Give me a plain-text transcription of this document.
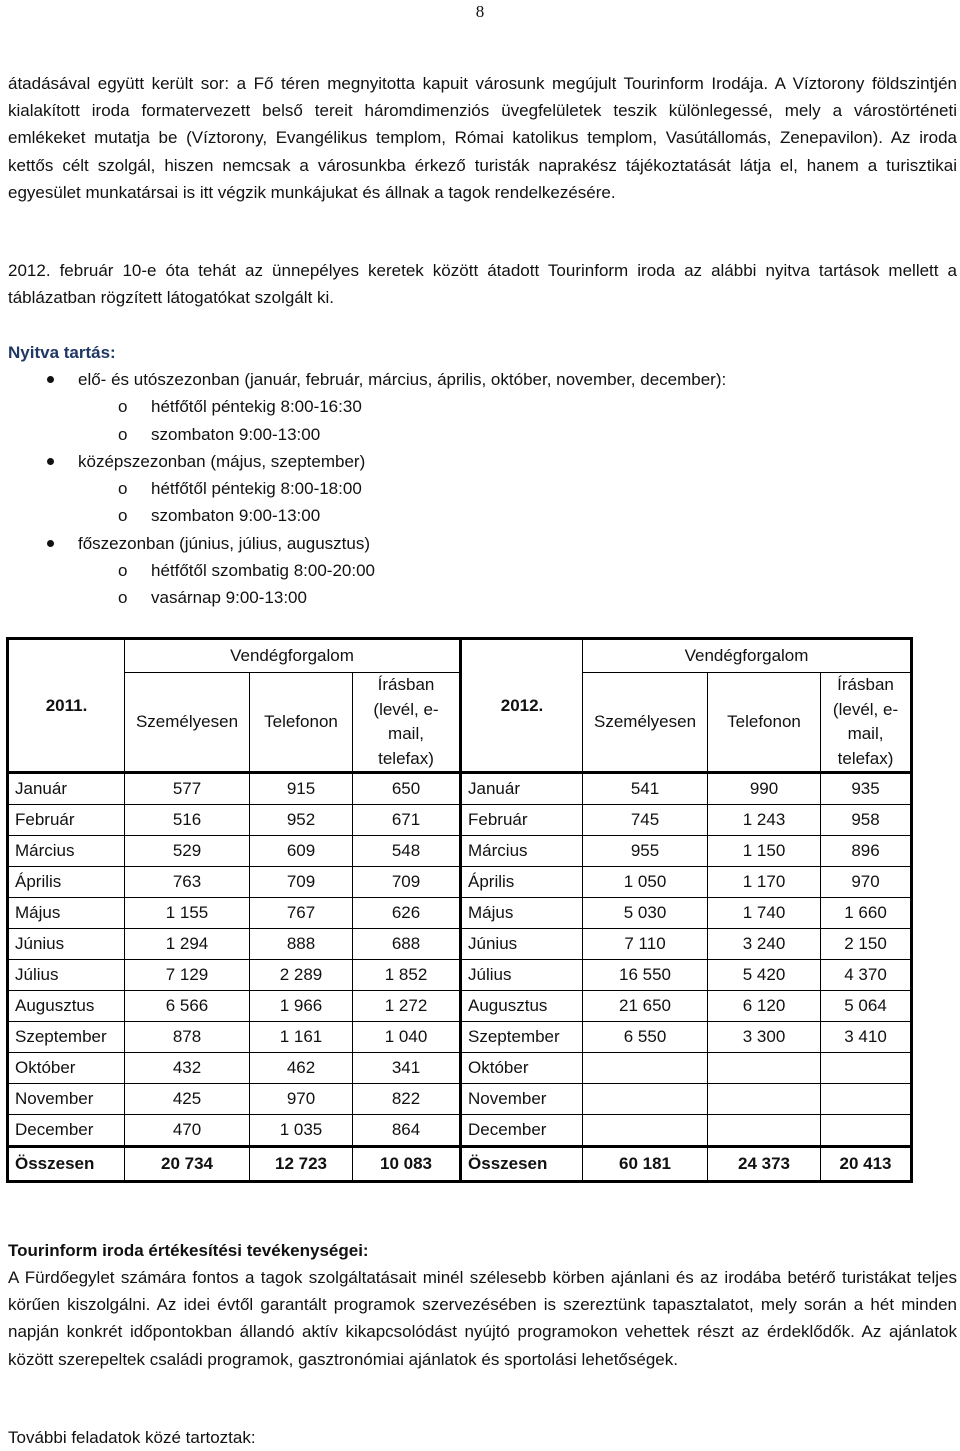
8

átadásával együtt került sor: a Fő téren megnyitotta kapuit városunk megújult Tourinform Irodája. A Víztorony földszintjén kialakított iroda formatervezett belső tereit háromdimenziós üvegfelületek teszik különlegessé, mely a várostörténeti emlékeket mutatja be (Víztorony, Evangélikus templom, Római katolikus templom, Vasútállomás, Zenepavilon). Az iroda kettős célt szolgál, hiszen nemcsak a városunkba érkező turisták naprakész tájékoztatását látja el, hanem a turisztikai egyesület munkatársai is itt végzik munkájukat és állnak a tagok rendelkezésére.

2012. február 10-e óta tehát az ünnepélyes keretek között átadott Tourinform iroda az alábbi nyitva tartások mellett a táblázatban rögzített látogatókat szolgált ki.

Nyitva tartás:
elő- és utószezonban (január, február, március, április, október, november, december):
o hétfőtől péntekig 8:00-16:30
o szombaton 9:00-13:00
középszezonban (május, szeptember)
o hétfőtől péntekig 8:00-18:00
o szombaton 9:00-13:00
főszezonban (június, július, augusztus)
o hétfőtől szombatig 8:00-20:00
o vasárnap 9:00-13:00
2011.	Vendégforgalom			2012.	Vendégforgalom		
	Személyesen	Telefonon	Írásban (levél, e-mail, telefax)		Személyesen	Telefonon	Írásban (levél, e-mail, telefax)
Január	577	915	650	Január	541	990	935
Február	516	952	671	Február	745	1 243	958
Március	529	609	548	Március	955	1 150	896
Április	763	709	709	Április	1 050	1 170	970
Május	1 155	767	626	Május	5 030	1 740	1 660
Június	1 294	888	688	Június	7 110	3 240	2 150
Július	7 129	2 289	1 852	Július	16 550	5 420	4 370
Augusztus	6 566	1 966	1 272	Augusztus	21 650	6 120	5 064
Szeptember	878	1 161	1 040	Szeptember	6 550	3 300	3 410
Október	432	462	341	Október			
November	425	970	822	November			
December	470	1 035	864	December			
Összesen	20 734	12 723	10 083	Összesen	60 181	24 373	20 413
Tourinform iroda értékesítési tevékenységei:

A Fürdőegylet számára fontos a tagok szolgáltatásait minél szélesebb körben ajánlani és az irodába betérő turistákat teljes körűen kiszolgálni. Az idei évtől garantált programok szervezésében is szereztünk tapasztalatot, mely során a hét minden napján konkrét időpontokban állandó aktív kikapcsolódást nyújtó programokon vehettek részt az érdeklődők. Az ajánlatok között szerepeltek családi programok, gasztronómiai ajánlatok és sportolási lehetőségek.

További feladatok közé tartoztak:
